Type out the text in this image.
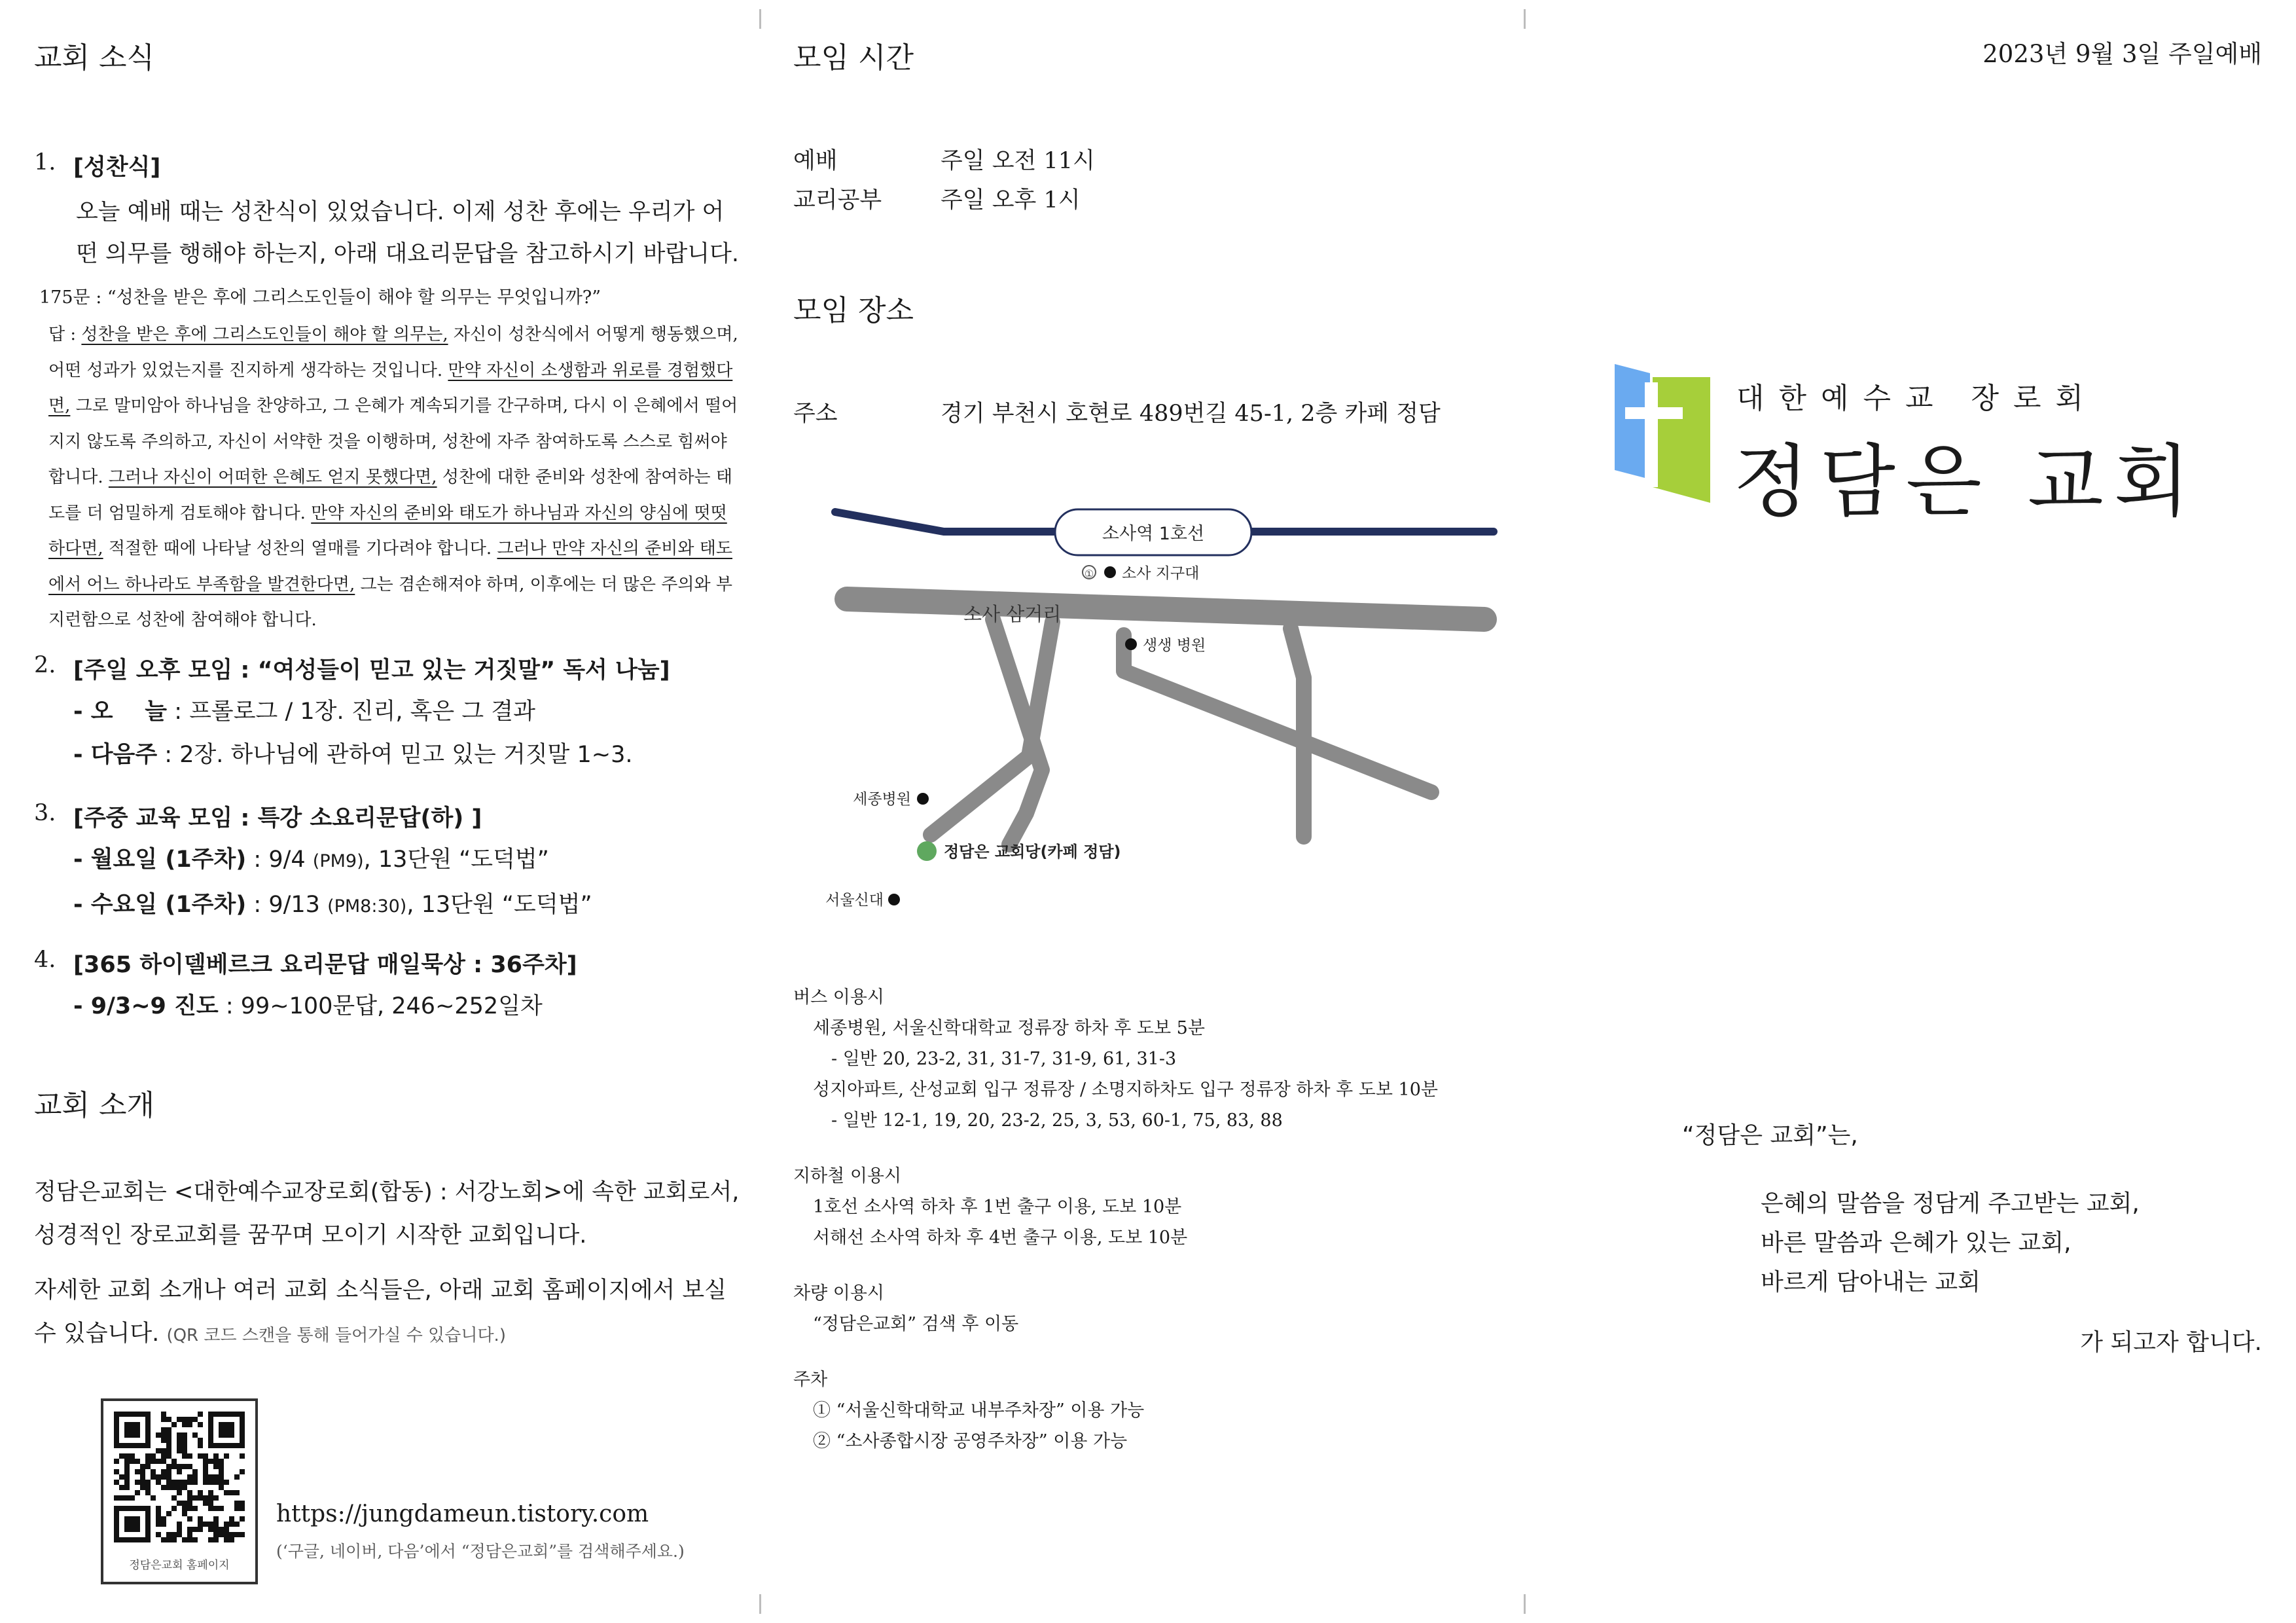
교회 소식
1. [성찬식]
오늘 예배 때는 성찬식이 있었습니다. 이제 성찬 후에는 우리가 어떤 의무를 행해야 하는지, 아래 대요리문답을 참고하시기 바랍니다.
175문 : “성찬을 받은 후에 그리스도인들이 해야 할 의무는 무엇입니까?”
답 : 성찬을 받은 후에 그리스도인들이 해야 할 의무는, 자신이 성찬식에서 어떻게 행동했으며, 어떤 성과가 있었는지를 진지하게 생각하는 것입니다. 만약 자신이 소생함과 위로를 경험했다면, 그로 말미암아 하나님을 찬양하고, 그 은혜가 계속되기를 간구하며, 다시 이 은혜에서 떨어지지 않도록 주의하고, 자신이 서약한 것을 이행하며, 성찬에 자주 참여하도록 스스로 힘써야 합니다. 그러나 자신이 어떠한 은혜도 얻지 못했다면, 성찬에 대한 준비와 성찬에 참여하는 태도를 더 엄밀하게 검토해야 합니다. 만약 자신의 준비와 태도가 하나님과 자신의 양심에 떳떳하다면, 적절한 때에 나타날 성찬의 열매를 기다려야 합니다. 그러나 만약 자신의 준비와 태도에서 어느 하나라도 부족함을 발견한다면, 그는 겸손해져야 하며, 이후에는 더 많은 주의와 부지런함으로 성찬에 참여해야 합니다.
2. [주일 오후 모임 : “여성들이 믿고 있는 거짓말” 독서 나눔]
- 오    늘 : 프롤로그 / 1장. 진리, 혹은 그 결과
- 다음주 : 2장. 하나님에 관하여 믿고 있는 거짓말 1~3.
3. [주중 교육 모임 : 특강 소요리문답(하) ]
- 월요일 (1주차) : 9/4 (PM9), 13단원 “도덕법”
- 수요일 (1주차) : 9/13 (PM8:30), 13단원 “도덕법”
4. [365 하이델베르크 요리문답 매일묵상 : 36주차]
- 9/3~9 진도 : 99~100문답, 246~252일차
교회 소개
정담은교회는 <대한예수교장로회(합동) : 서강노회>에 속한 교회로서, 성경적인 장로교회를 꿈꾸며 모이기 시작한 교회입니다.
자세한 교회 소개나 여러 교회 소식들은, 아래 교회 홈페이지에서 보실 수 있습니다. (QR 코드 스캔을 통해 들어가실 수 있습니다.)
정담은교회 홈페이지
https://jungdameun.tistory.com
(‘구글, 네이버, 다음’에서 “정담은교회”를 검색해주세요.)
모임 시간
예배	주일 오전 11시
교리공부	주일 오후 1시
모임 장소
주소	경기 부천시 호현로 489번길 45-1, 2층 카페 정담
소사역 1호선
① 소사 지구대
소사 삼거리
생생 병원
세종병원
정담은 교회당(카페 정담)
서울신대
버스 이용시
세종병원, 서울신학대학교 정류장 하차 후 도보 5분
- 일반 20, 23-2, 31, 31-7, 31-9, 61, 31-3
성지아파트, 산성교회 입구 정류장 / 소명지하차도 입구 정류장 하차 후 도보 10분
- 일반 12-1, 19, 20, 23-2, 25, 3, 53, 60-1, 75, 83, 88
지하철 이용시
1호선 소사역 하차 후 1번 출구 이용, 도보 10분
서해선 소사역 하차 후 4번 출구 이용, 도보 10분
차량 이용시
“정담은교회” 검색 후 이동
주차
① “서울신학대학교 내부주차장” 이용 가능
② “소사종합시장 공영주차장” 이용 가능
2023년 9월 3일 주일예배
대한예수교 장로회
정담은 교회
“정담은 교회”는,
은혜의 말씀을 정담게 주고받는 교회,
바른 말씀과 은혜가 있는 교회,
바르게 담아내는 교회
가 되고자 합니다.
